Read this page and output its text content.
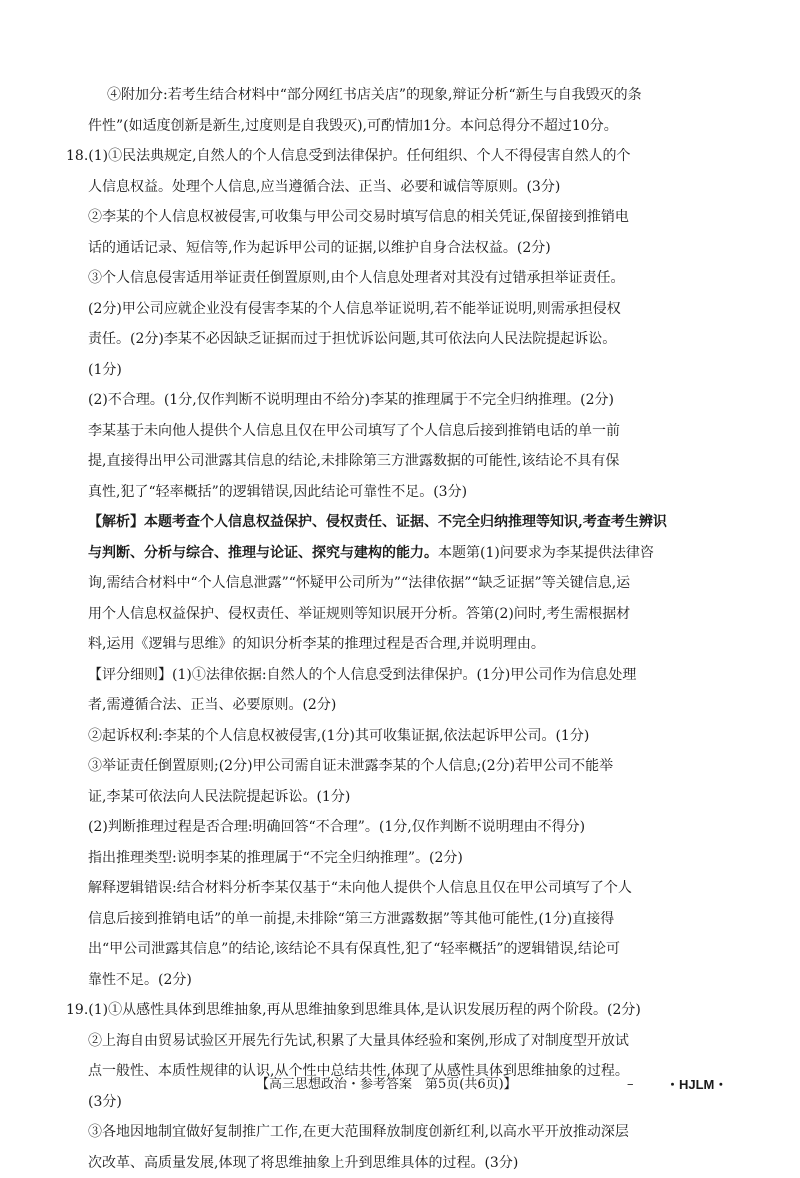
④附加分:若考生结合材料中“部分网红书店关店”的现象,辩证分析“新生与自我毁灭的条
件性”(如适度创新是新生,过度则是自我毁灭),可酌情加1分。本问总得分不超过10分。
18.(1)①民法典规定,自然人的个人信息受到法律保护。任何组织、个人不得侵害自然人的个
人信息权益。处理个人信息,应当遵循合法、正当、必要和诚信等原则。(3分)
②李某的个人信息权被侵害,可收集与甲公司交易时填写信息的相关凭证,保留接到推销电
话的通话记录、短信等,作为起诉甲公司的证据,以维护自身合法权益。(2分)
③个人信息侵害适用举证责任倒置原则,由个人信息处理者对其没有过错承担举证责任。
(2分)甲公司应就企业没有侵害李某的个人信息举证说明,若不能举证说明,则需承担侵权
责任。(2分)李某不必因缺乏证据而过于担忧诉讼问题,其可依法向人民法院提起诉讼。
(1分)
(2)不合理。(1分,仅作判断不说明理由不给分)李某的推理属于不完全归纳推理。(2分)
李某基于未向他人提供个人信息且仅在甲公司填写了个人信息后接到推销电话的单一前
提,直接得出甲公司泄露其信息的结论,未排除第三方泄露数据的可能性,该结论不具有保
真性,犯了“轻率概括”的逻辑错误,因此结论可靠性不足。(3分)
【解析】本题考查个人信息权益保护、侵权责任、证据、不完全归纳推理等知识,考查考生辨识
与判断、分析与综合、推理与论证、探究与建构的能力。本题第(1)问要求为李某提供法律咨
询,需结合材料中“个人信息泄露”“怀疑甲公司所为”“法律依据”“缺乏证据”等关键信息,运
用个人信息权益保护、侵权责任、举证规则等知识展开分析。答第(2)问时,考生需根据材
料,运用《逻辑与思维》的知识分析李某的推理过程是否合理,并说明理由。
【评分细则】(1)①法律依据:自然人的个人信息受到法律保护。(1分)甲公司作为信息处理
者,需遵循合法、正当、必要原则。(2分)
②起诉权利:李某的个人信息权被侵害,(1分)其可收集证据,依法起诉甲公司。(1分)
③举证责任倒置原则;(2分)甲公司需自证未泄露李某的个人信息;(2分)若甲公司不能举
证,李某可依法向人民法院提起诉讼。(1分)
(2)判断推理过程是否合理:明确回答“不合理”。(1分,仅作判断不说明理由不得分)
指出推理类型:说明李某的推理属于“不完全归纳推理”。(2分)
解释逻辑错误:结合材料分析李某仅基于“未向他人提供个人信息且仅在甲公司填写了个人
信息后接到推销电话”的单一前提,未排除“第三方泄露数据”等其他可能性,(1分)直接得
出“甲公司泄露其信息”的结论,该结论不具有保真性,犯了“轻率概括”的逻辑错误,结论可
靠性不足。(2分)
19.(1)①从感性具体到思维抽象,再从思维抽象到思维具体,是认识发展历程的两个阶段。(2分)
②上海自由贸易试验区开展先行先试,积累了大量具体经验和案例,形成了对制度型开放试
点一般性、本质性规律的认识,从个性中总结共性,体现了从感性具体到思维抽象的过程。
(3分)
③各地因地制宜做好复制推广工作,在更大范围释放制度创新红利,以高水平开放推动深层
次改革、高质量发展,体现了将思维抽象上升到思维具体的过程。(3分)
【高三思想政治・参考答案　第5页(共6页)】	–	・HJLM・
